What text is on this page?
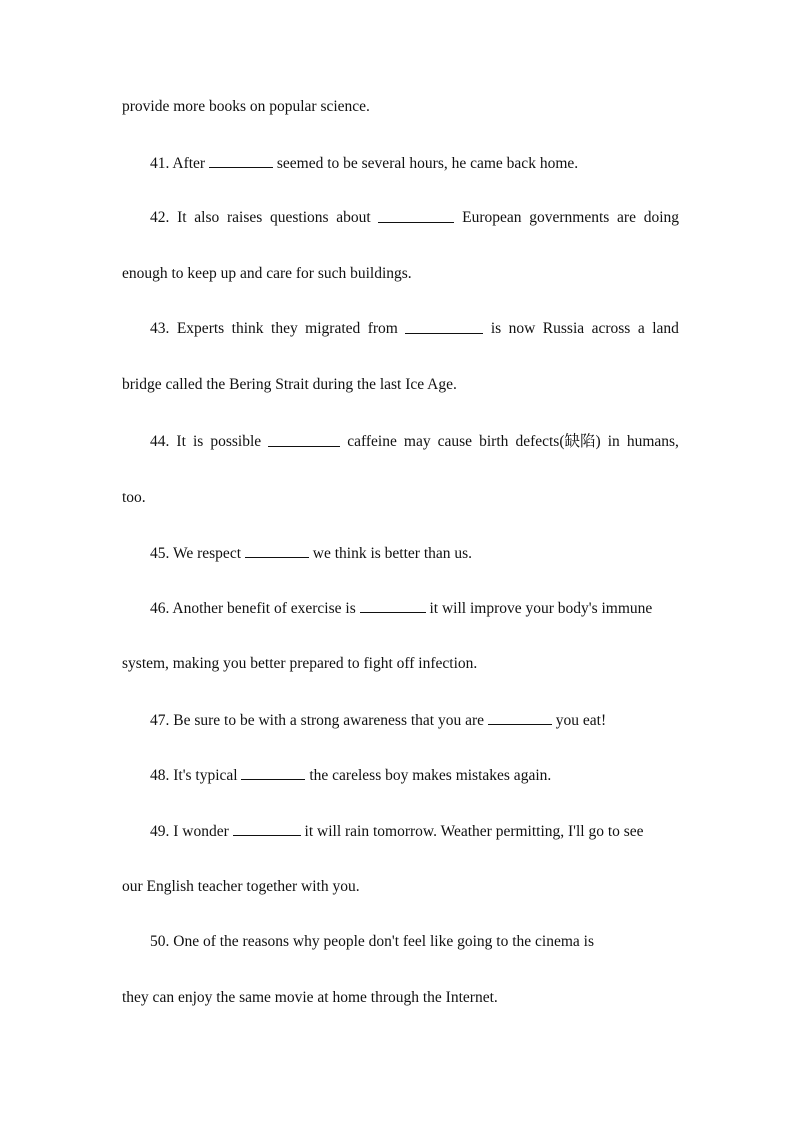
provide more books on popular science.
41. After	seemed to be several hours, he came back home.
42. It also raises questions about	European governments are doing
enough to keep up and care for such buildings.
43. Experts think they migrated from	is now Russia across a land
bridge called the Bering Strait during the last Ice Age.
44. It is possible	caffeine may cause birth defects(缺陷) in humans,
too.
45. We respect	we think is better than us.
46. Another benefit of exercise is	it will improve your body's immune
system, making you better prepared to fight off infection.
47. Be sure to be with a strong awareness that you are	you eat!
48. It's typical	the careless boy makes mistakes again.
49. I wonder	it will rain tomorrow. Weather permitting, I'll go to see
our English teacher together with you.
50. One of the reasons why people don't feel like going to the cinema is
they can enjoy the same movie at home through the Internet.
